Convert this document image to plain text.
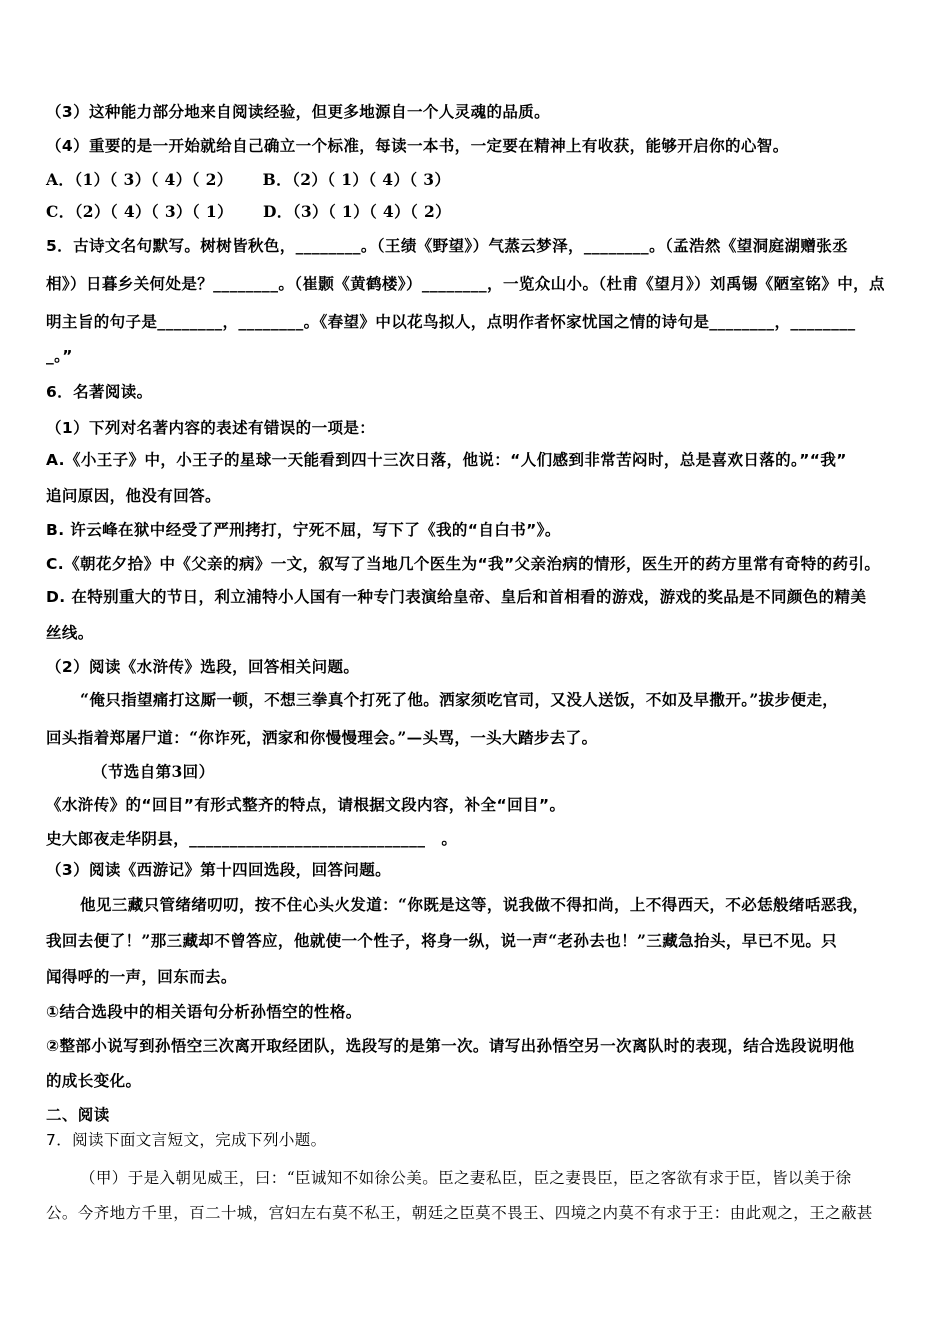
（3）这种能力部分地来自阅读经验，但更多地源自一个人灵魂的品质。
（4）重要的是一开始就给自己确立一个标准，每读一本书，一定要在精神上有收获，能够开启你的心智。
A．（1）（ 3）（ 4）（ 2） B．（2）（ 1）（ 4）（ 3）
C．（2）（ 4）（ 3）（ 1） D．（3）（ 1）（ 4）（ 2）
5．古诗文名句默写。树树皆秋色，________。（王绩《野望》）气蒸云梦泽，________。（孟浩然《望洞庭湖赠张丞
相》）日暮乡关何处是？________。（崔颢《黄鹤楼》）________，一览众山小。（杜甫《望月》）刘禹锡《陋室铭》中，点
明主旨的句子是________，________。《春望》中以花鸟拟人，点明作者怀家忧国之情的诗句是________，________
_。”
6．名著阅读。
（1）下列对名著内容的表述有错误的一项是：
A.《小王子》中，小王子的星球一天能看到四十三次日落，他说：“人们感到非常苦闷时，总是喜欢日落的。”“我”
追问原因，他没有回答。
B. 许云峰在狱中经受了严刑拷打，宁死不屈，写下了《我的“自白书”》。
C.《朝花夕拾》中《父亲的病》一文，叙写了当地几个医生为“我”父亲治病的情形，医生开的药方里常有奇特的药引。
D. 在特别重大的节日，利立浦特小人国有一种专门表演给皇帝、皇后和首相看的游戏，游戏的奖品是不同颜色的精美
丝线。
（2）阅读《水浒传》选段，回答相关问题。
“俺只指望痛打这厮一顿，不想三拳真个打死了他。洒家须吃官司，又没人送饭，不如及早撒开。”拔步便走，
回头指着郑屠尸道：“你诈死，洒家和你慢慢理会。”—头骂，一头大踏步去了。
（节选自第3回）
《水浒传》的“回目”有形式整齐的特点，请根据文段内容，补全“回目”。
史大郎夜走华阴县，_____________________________　。
（3）阅读《西游记》第十四回选段，回答问题。
他见三藏只管绪绪叨叨，按不住心头火发道：“你既是这等，说我做不得扣尚，上不得西天，不必恁般绪咶恶我，
我回去便了！”那三藏却不曾答应，他就使一个性子，将身一纵，说一声“老孙去也！”三藏急抬头，早已不见。只
闻得呼的一声，回东而去。
①结合选段中的相关语句分析孙悟空的性格。
②整部小说写到孙悟空三次离开取经团队，选段写的是第一次。请写出孙悟空另一次离队时的表现，结合选段说明他
的成长变化。
二、阅读
7．阅读下面文言短文，完成下列小题。
（甲）于是入朝见威王，曰：“臣诚知不如徐公美。臣之妻私臣，臣之妻畏臣，臣之客欲有求于臣，皆以美于徐
公。今齐地方千里，百二十城，宫妇左右莫不私王，朝廷之臣莫不畏王、四境之内莫不有求于王：由此观之，王之蔽甚
